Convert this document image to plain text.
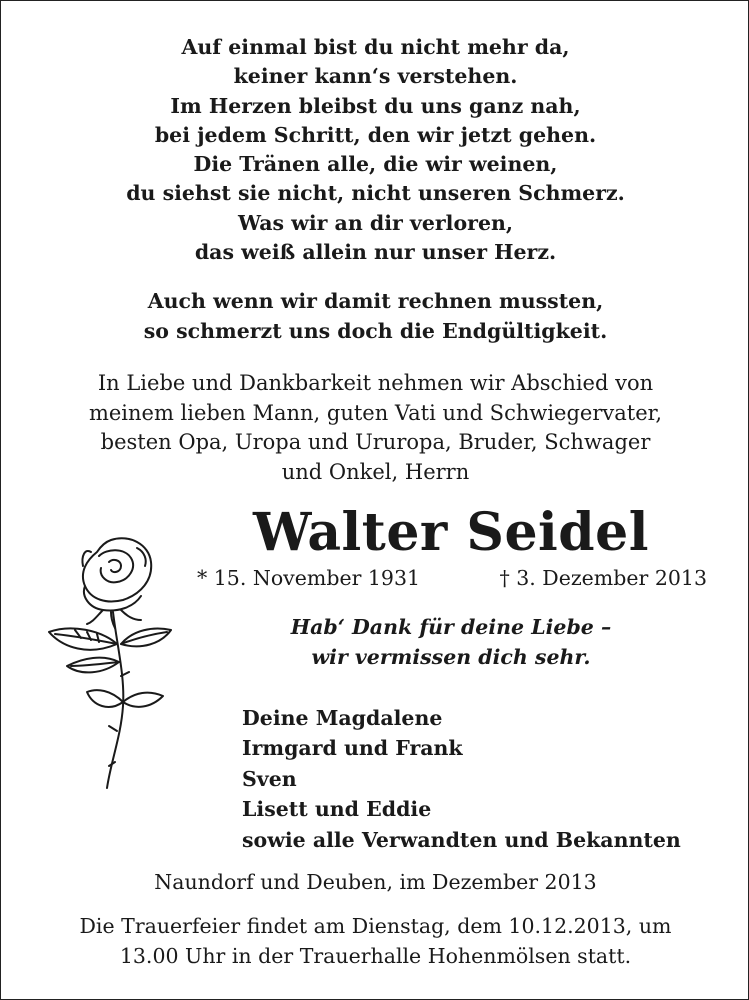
Auf einmal bist du nicht mehr da,
keiner kann‘s verstehen.
Im Herzen bleibst du uns ganz nah,
bei jedem Schritt, den wir jetzt gehen.
Die Tränen alle, die wir weinen,
du siehst sie nicht, nicht unseren Schmerz.
Was wir an dir verloren,
das weiß allein nur unser Herz.
Auch wenn wir damit rechnen mussten,
so schmerzt uns doch die Endgültigkeit.
In Liebe und Dankbarkeit nehmen wir Abschied von
meinem lieben Mann, guten Vati und Schwiegervater,
besten Opa, Uropa und Ururopa, Bruder, Schwager
und Onkel, Herrn
Walter Seidel
* 15. November 1931	† 3. Dezember 2013
Hab‘ Dank für deine Liebe –
wir vermissen dich sehr.
Deine Magdalene
Irmgard und Frank
Sven
Lisett und Eddie
sowie alle Verwandten und Bekannten
Naundorf und Deuben, im Dezember 2013
Die Trauerfeier findet am Dienstag, dem 10.12.2013, um
13.00 Uhr in der Trauerhalle Hohenmölsen statt.
